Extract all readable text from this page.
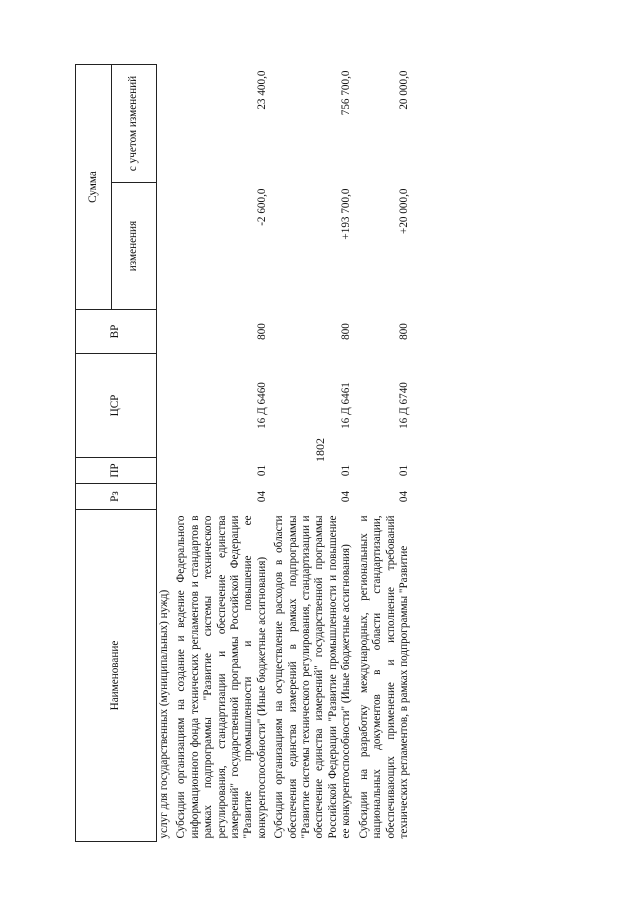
1802
Наименование	Рз	ПР	ЦСР	ВР	Сумма	
					изменения	с учетом изменений
услуг для государственных (муниципальных) нужд)						
Субсидии организациям на создание и ведение Федерального информационного фонда технических регламентов и стандартов в рамках подпрограммы "Развитие системы технического регулирования, стандартизации и обеспечение единства измерений" государственной программы Российской Федерации "Развитие промышленности и повышение ее конкурентоспособности" (Иные бюджетные ассигнования)	04	01	16 Д 6460	800	-2 600,0	23 400,0
Субсидии организациям на осуществление расходов в области обеспечения единства измерений в рамках подпрограммы "Развитие системы технического регулирования, стандартизации и обеспечение единства измерений" государственной программы Российской Федерации "Развитие промышленности и повышение ее конкурентоспособности" (Иные бюджетные ассигнования)	04	01	16 Д 6461	800	+193 700,0	756 700,0
Субсидии на разработку международных, региональных и национальных документов в области стандартизации, обеспечивающих применение и исполнение требований технических регламентов, в рамках подпрограммы "Развитие	04	01	16 Д 6740	800	+20 000,0	20 000,0
